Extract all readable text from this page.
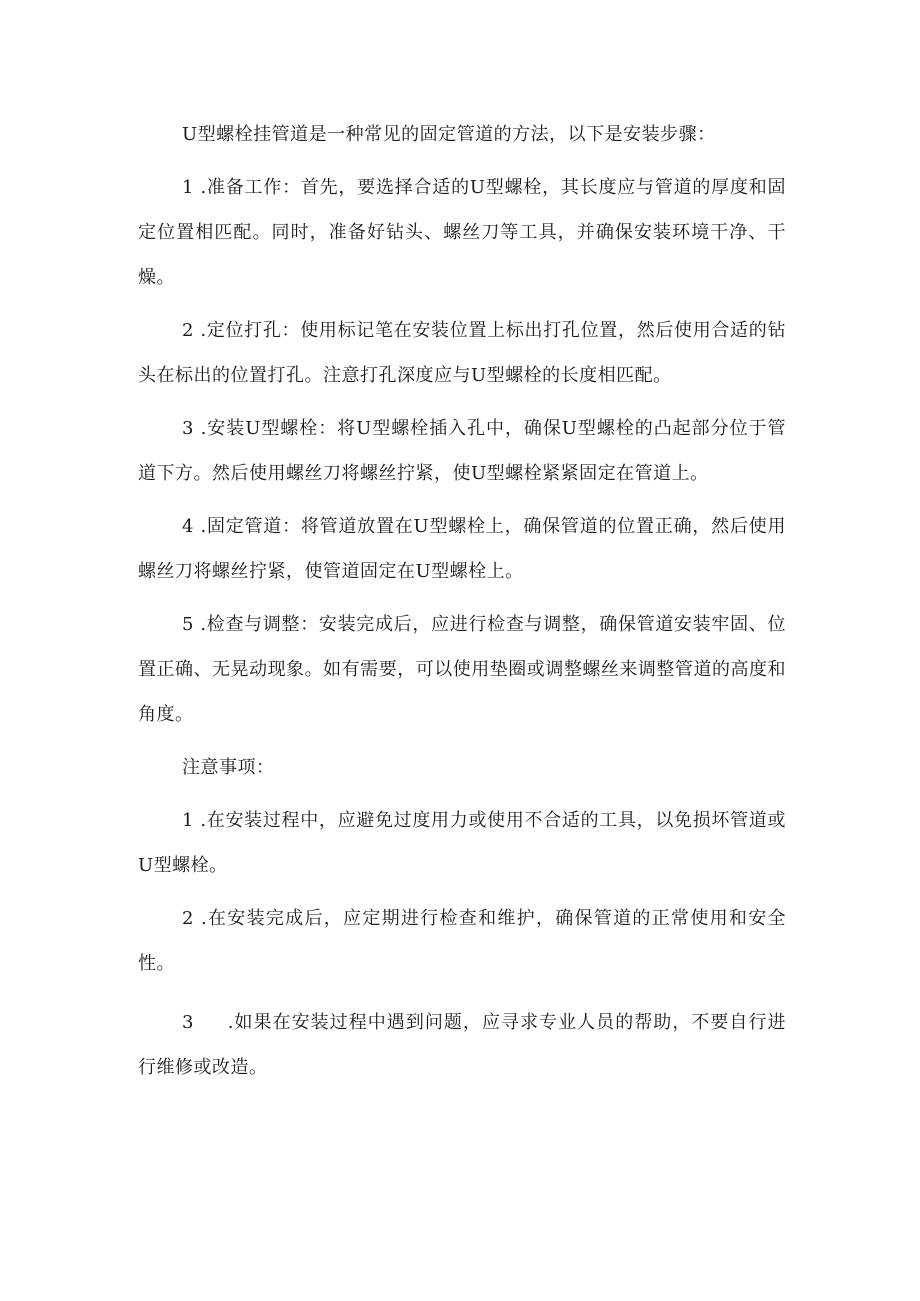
U型螺栓挂管道是一种常见的固定管道的方法，以下是安装步骤：

1 .准备工作：首先，要选择合适的U型螺栓，其长度应与管道的厚度和固定位置相匹配。同时，准备好钻头、螺丝刀等工具，并确保安装环境干净、干燥。

2 .定位打孔：使用标记笔在安装位置上标出打孔位置，然后使用合适的钻头在标出的位置打孔。注意打孔深度应与U型螺栓的长度相匹配。

3 .安装U型螺栓：将U型螺栓插入孔中，确保U型螺栓的凸起部分位于管道下方。然后使用螺丝刀将螺丝拧紧，使U型螺栓紧紧固定在管道上。

4 .固定管道：将管道放置在U型螺栓上，确保管道的位置正确，然后使用螺丝刀将螺丝拧紧，使管道固定在U型螺栓上。

5 .检查与调整：安装完成后，应进行检查与调整，确保管道安装牢固、位置正确、无晃动现象。如有需要，可以使用垫圈或调整螺丝来调整管道的高度和角度。

注意事项：

1 .在安装过程中，应避免过度用力或使用不合适的工具，以免损坏管道或U型螺栓。

2 .在安装完成后，应定期进行检查和维护，确保管道的正常使用和安全性。

3     .如果在安装过程中遇到问题，应寻求专业人员的帮助，不要自行进行维修或改造。
